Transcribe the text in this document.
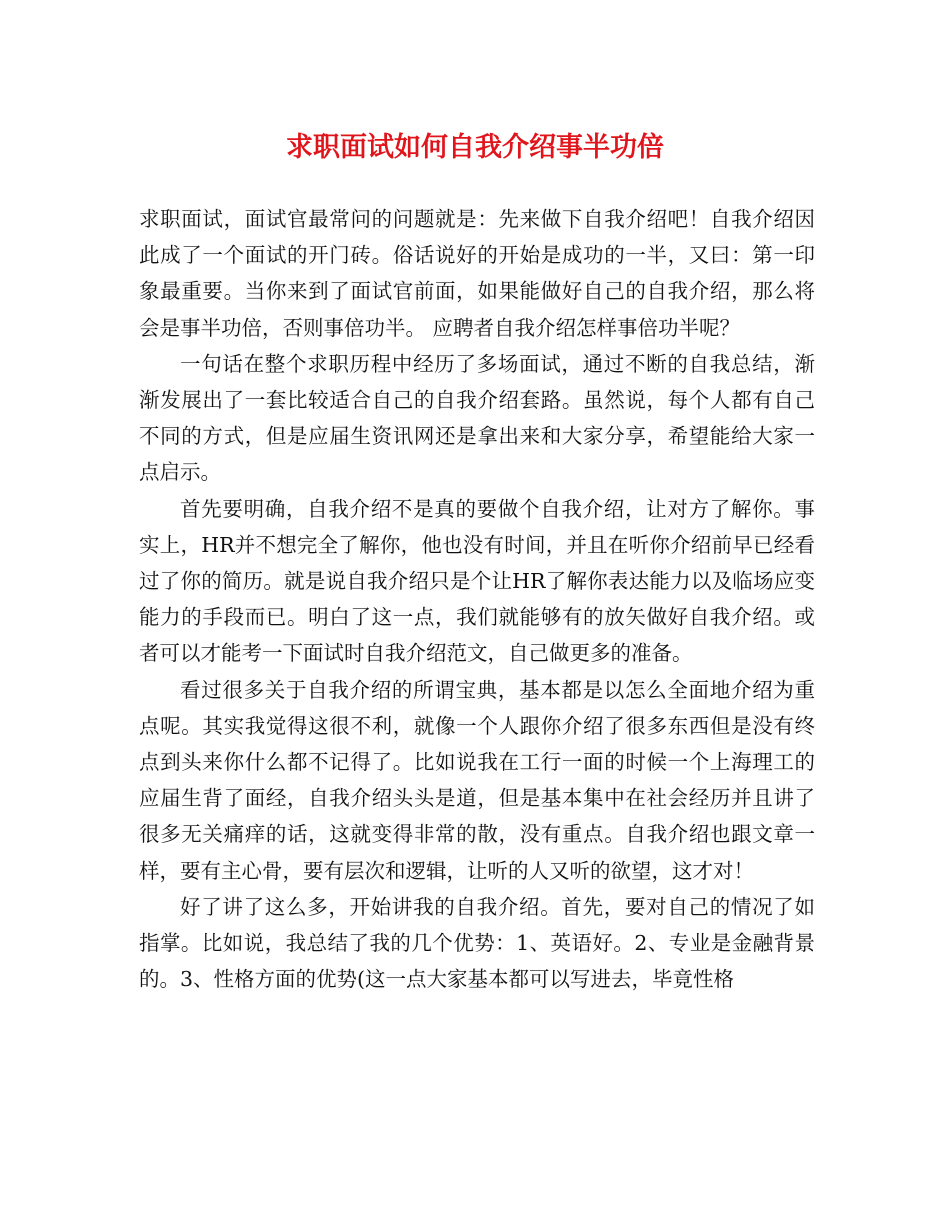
求职面试如何自我介绍事半功倍

求职面试，面试官最常问的问题就是：先来做下自我介绍吧！自我介绍因此成了一个面试的开门砖。俗话说好的开始是成功的一半，又曰：第一印象最重要。当你来到了面试官前面，如果能做好自己的自我介绍，那么将会是事半功倍，否则事倍功半。 应聘者自我介绍怎样事倍功半呢？

一句话在整个求职历程中经历了多场面试，通过不断的自我总结，渐渐发展出了一套比较适合自己的自我介绍套路。虽然说，每个人都有自己不同的方式，但是应届生资讯网还是拿出来和大家分享，希望能给大家一点启示。

首先要明确，自我介绍不是真的要做个自我介绍，让对方了解你。事实上，HR并不想完全了解你，他也没有时间，并且在听你介绍前早已经看过了你的简历。就是说自我介绍只是个让HR了解你表达能力以及临场应变能力的手段而已。明白了这一点，我们就能够有的放矢做好自我介绍。或者可以才能考一下面试时自我介绍范文，自己做更多的准备。

看过很多关于自我介绍的所谓宝典，基本都是以怎么全面地介绍为重点呢。其实我觉得这很不利，就像一个人跟你介绍了很多东西但是没有终点到头来你什么都不记得了。比如说我在工行一面的时候一个上海理工的应届生背了面经，自我介绍头头是道，但是基本集中在社会经历并且讲了很多无关痛痒的话，这就变得非常的散，没有重点。自我介绍也跟文章一样，要有主心骨，要有层次和逻辑，让听的人又听的欲望，这才对！

好了讲了这么多，开始讲我的自我介绍。首先，要对自己的情况了如指掌。比如说，我总结了我的几个优势：1、英语好。2、专业是金融背景的。3、性格方面的优势(这一点大家基本都可以写进去，毕竟性格
